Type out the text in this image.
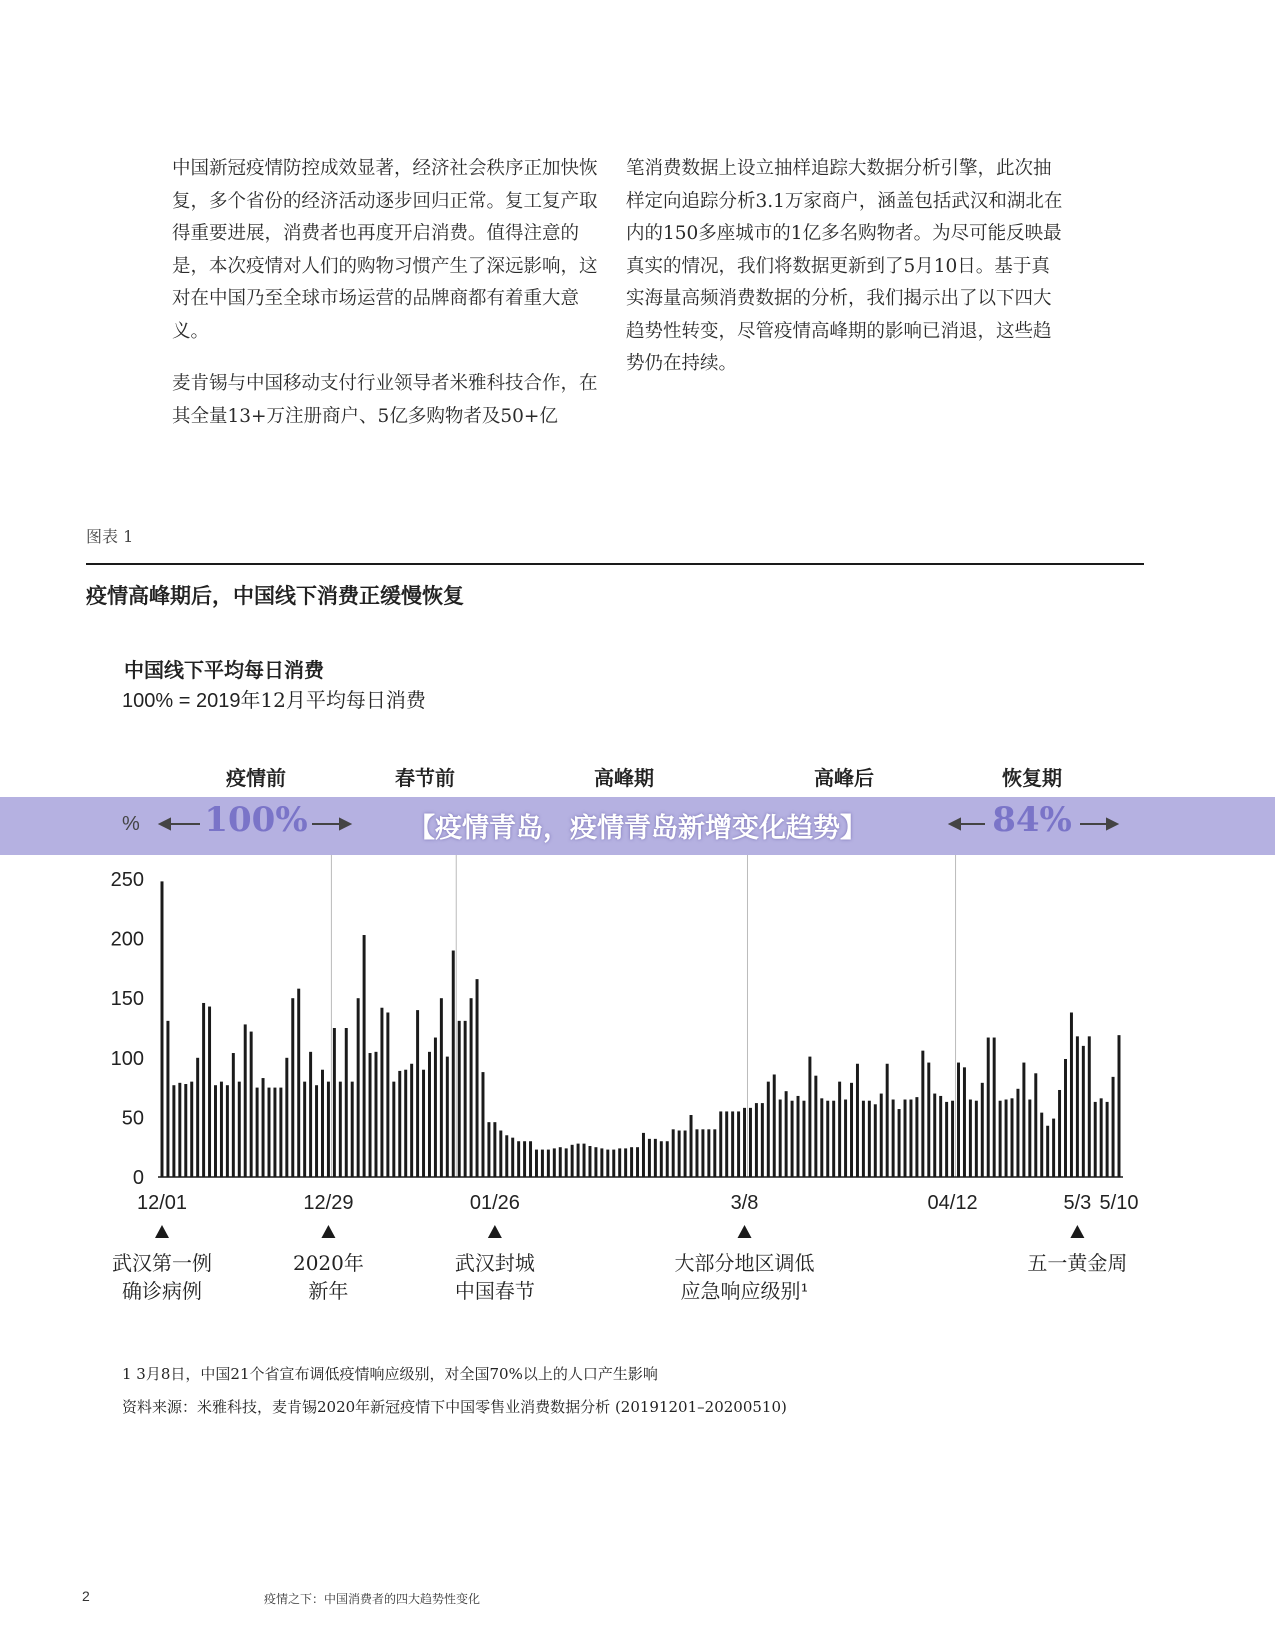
中国新冠疫情防控成效显著，经济社会秩序正加快恢复，多个省份的经济活动逐步回归正常。复工复产取得重要进展，消费者也再度开启消费。值得注意的是，本次疫情对人们的购物习惯产生了深远影响，这对在中国乃至全球市场运营的品牌商都有着重大意义。

麦肯锡与中国移动支付行业领导者米雅科技合作，在其全量13+万注册商户、5亿多购物者及50+亿

笔消费数据上设立抽样追踪大数据分析引擎，此次抽样定向追踪分析3.1万家商户，涵盖包括武汉和湖北在内的150多座城市的1亿多名购物者。为尽可能反映最真实的情况，我们将数据更新到了5月10日。基于真实海量高频消费数据的分析，我们揭示出了以下四大趋势性转变，尽管疫情高峰期的影响已消退，这些趋势仍在持续。

图表 1
疫情高峰期后，中国线下消费正缓慢恢复
中国线下平均每日消费
100% = 2019年12月平均每日消费
疫情前	春节前	高峰期	高峰后	恢复期
% 100%	84%
【疫情青岛，疫情青岛新增变化趋势】
0
50
100
150
200
250
12/01	12/29	01/26	3/8	04/12	5/3 5/10
武汉第一例
确诊病例
2020年
新年
武汉封城
中国春节
大部分地区调低
应急响应级别¹
五一黄金周
1 3月8日，中国21个省宣布调低疫情响应级别，对全国70%以上的人口产生影响
资料来源：米雅科技，麦肯锡2020年新冠疫情下中国零售业消费数据分析 (20191201–20200510)
2	疫情之下：中国消费者的四大趋势性变化
